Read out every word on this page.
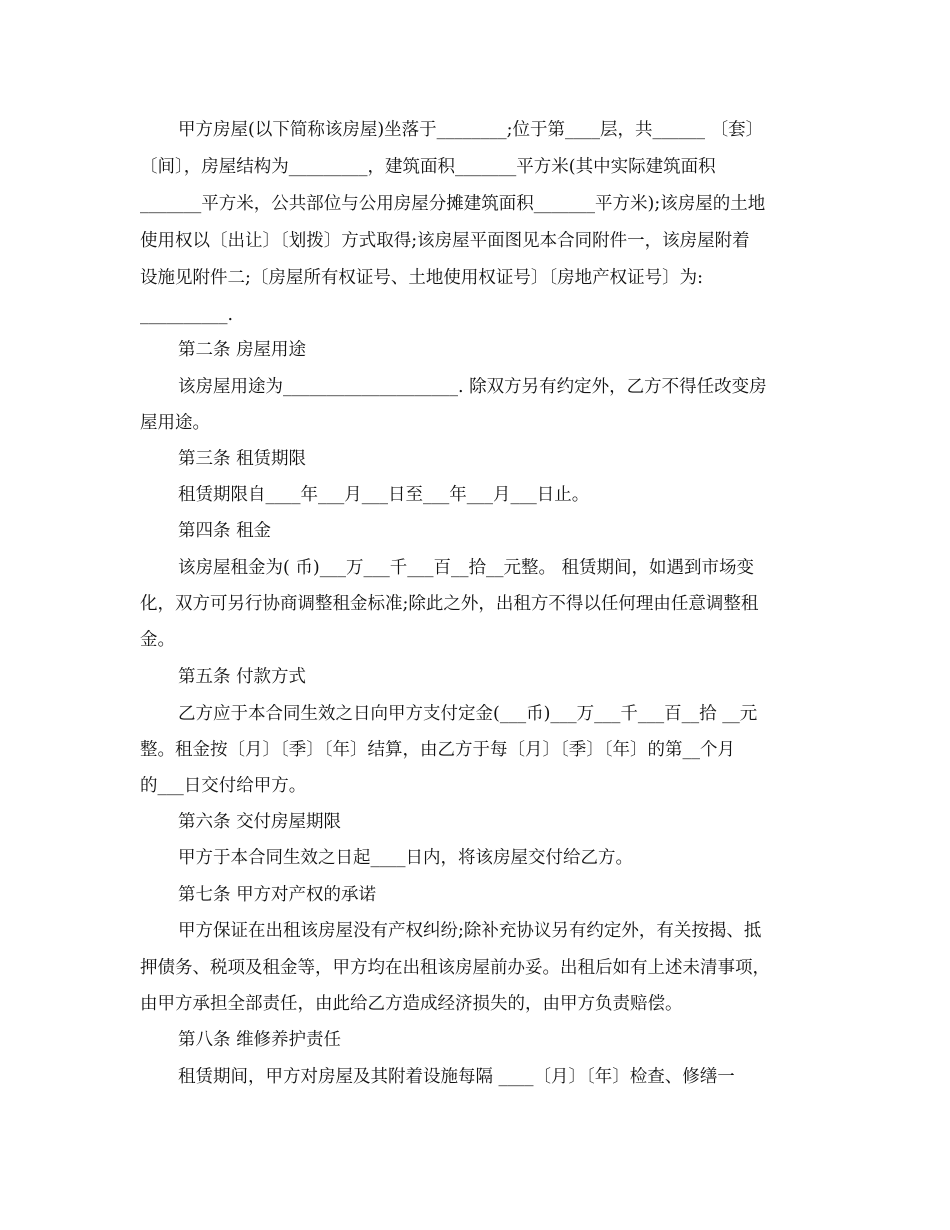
甲方房屋(以下简称该房屋)坐落于________;位于第____层，共______ 〔套〕

〔间〕，房屋结构为_________，建筑面积_______平方米(其中实际建筑面积

_______平方米，公共部位与公用房屋分摊建筑面积_______平方米);该房屋的土地

使用权以〔出让〕〔划拨〕方式取得;该房屋平面图见本合同附件一，该房屋附着

设施见附件二;〔房屋所有权证号、土地使用权证号〕〔房地产权证号〕为:

__________.

第二条 房屋用途

该房屋用途为____________________. 除双方另有约定外，乙方不得任改变房

屋用途。

第三条 租赁期限

租赁期限自____年___月___日至___年___月___日止。

第四条 租金

该房屋租金为( 币)___万___千___百__拾__元整。 租赁期间，如遇到市场变

化，双方可另行协商调整租金标准;除此之外，出租方不得以任何理由任意调整租

金。

第五条 付款方式

乙方应于本合同生效之日向甲方支付定金(___币)___万___千___百__拾 __元

整。租金按〔月〕〔季〕〔年〕结算，由乙方于每〔月〕〔季〕〔年〕的第__个月

的___日交付给甲方。

第六条 交付房屋期限

甲方于本合同生效之日起____日内，将该房屋交付给乙方。

第七条 甲方对产权的承诺

甲方保证在出租该房屋没有产权纠纷;除补充协议另有约定外，有关按揭、抵

押债务、税项及租金等，甲方均在出租该房屋前办妥。出租后如有上述未清事项，

由甲方承担全部责任，由此给乙方造成经济损失的，由甲方负责赔偿。

第八条 维修养护责任

租赁期间，甲方对房屋及其附着设施每隔 ____〔月〕〔年〕检查、修缮一
